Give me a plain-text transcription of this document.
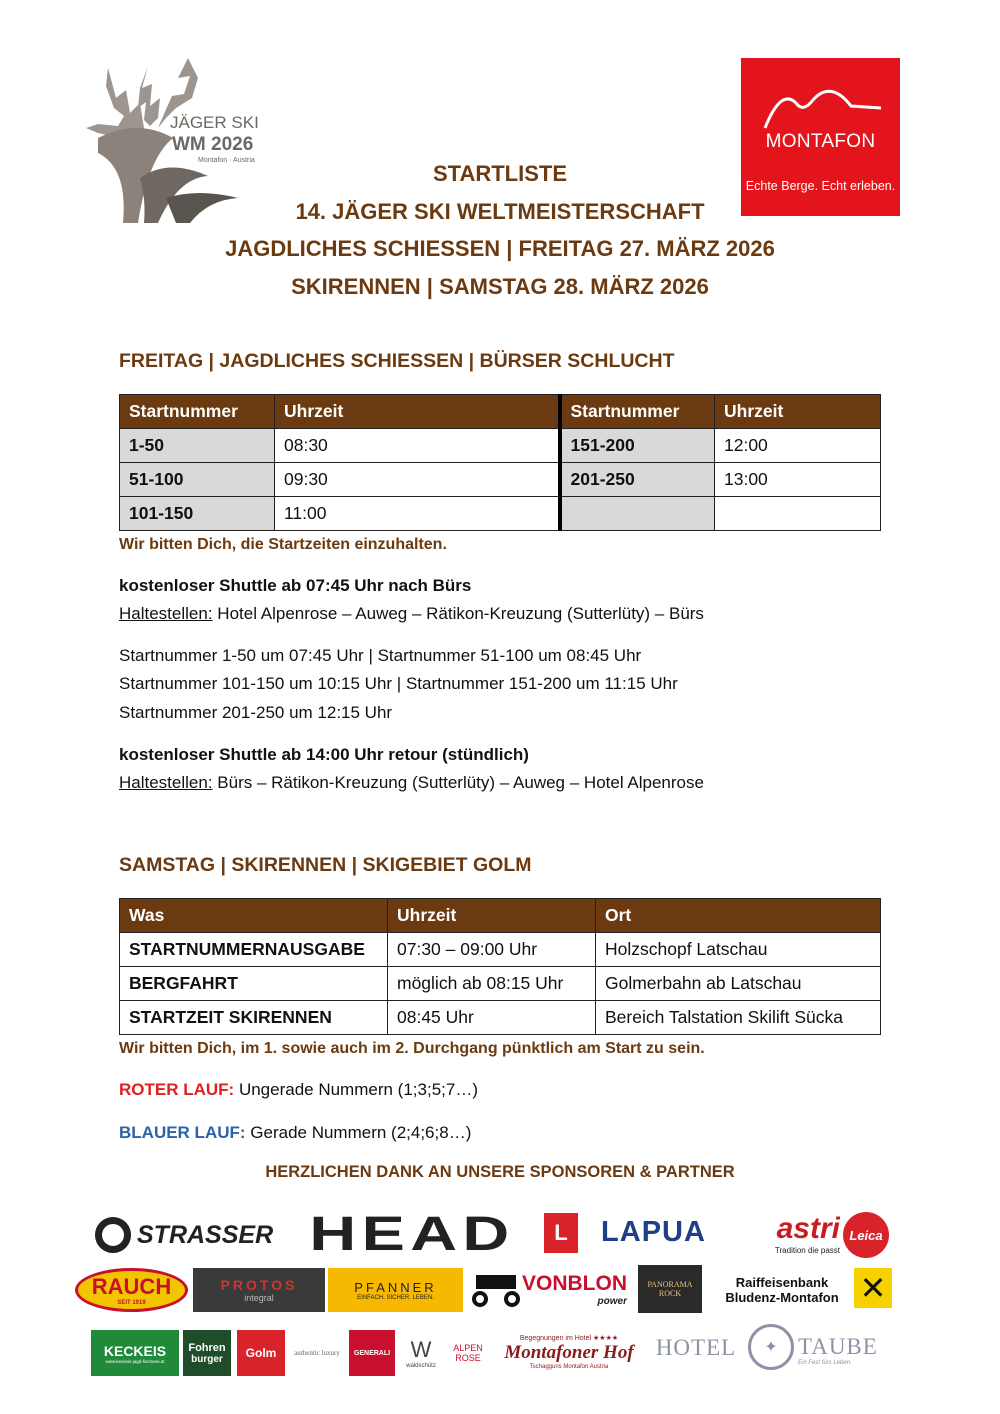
JÄGER SKI
WM 2026
Montafon · Austria
MONTAFON
Echte Berge. Echt erleben.
STARTLISTE
14. JÄGER SKI WELTMEISTERSCHAFT
JAGDLICHES SCHIESSEN | FREITAG 27. MÄRZ 2026
SKIRENNEN | SAMSTAG 28. MÄRZ 2026
FREITAG | JAGDLICHES SCHIESSEN | BÜRSER SCHLUCHT
Startnummer	Uhrzeit	Startnummer	Uhrzeit
1-50	08:30	151-200	12:00
51-100	09:30	201-250	13:00
101-150	11:00		
Wir bitten Dich, die Startzeiten einzuhalten.
kostenloser Shuttle ab 07:45 Uhr nach Bürs
Haltestellen: Hotel Alpenrose – Auweg – Rätikon-Kreuzung (Sutterlüty) – Bürs
Startnummer 1-50 um 07:45 Uhr | Startnummer 51-100 um 08:45 Uhr
Startnummer 101-150 um 10:15 Uhr | Startnummer 151-200 um 11:15 Uhr
Startnummer 201-250 um 12:15 Uhr
kostenloser Shuttle ab 14:00 Uhr retour (stündlich)
Haltestellen: Bürs – Rätikon-Kreuzung (Sutterlüty) – Auweg – Hotel Alpenrose
SAMSTAG | SKIRENNEN | SKIGEBIET GOLM
Was	Uhrzeit	Ort
STARTNUMMERNAUSGABE	07:30 – 09:00 Uhr	Holzschopf Latschau
BERGFAHRT	möglich ab 08:15 Uhr	Golmerbahn ab Latschau
STARTZEIT SKIRENNEN	08:45 Uhr	Bereich Talstation Skilift Sücka
Wir bitten Dich, im 1. sowie auch im 2. Durchgang pünktlich am Start zu sein.
ROTER LAUF: Ungerade Nummern (1;3;5;7…)
BLAUER LAUF: Gerade Nummern (2;4;6;8…)
HERZLICHEN DANK AN UNSERE SPONSOREN & PARTNER
STRASSER HEAD	L	LAPUA astri
Tradition die passt
Leica
RAUCH
SEIT 1919
PROTOS
integral
PFANNER
EINFACH. SICHER. LEBEN.
VONBLON
power
PANORAMA ROCK
Raiffeisenbank
Bludenz-Montafon ✕
KECKEIS
www.keckeis-jagd-fischerei.at
Fohren
burger Golm	authentic luxury GENERALI W
waldschütz
ALPEN ROSE
Begegnungen im Hotel ★★★★
Montafoner Hof
Tschagguns Montafon Austria
HOTEL ✦ TAUBE
Ein Fest fürs Leben.
